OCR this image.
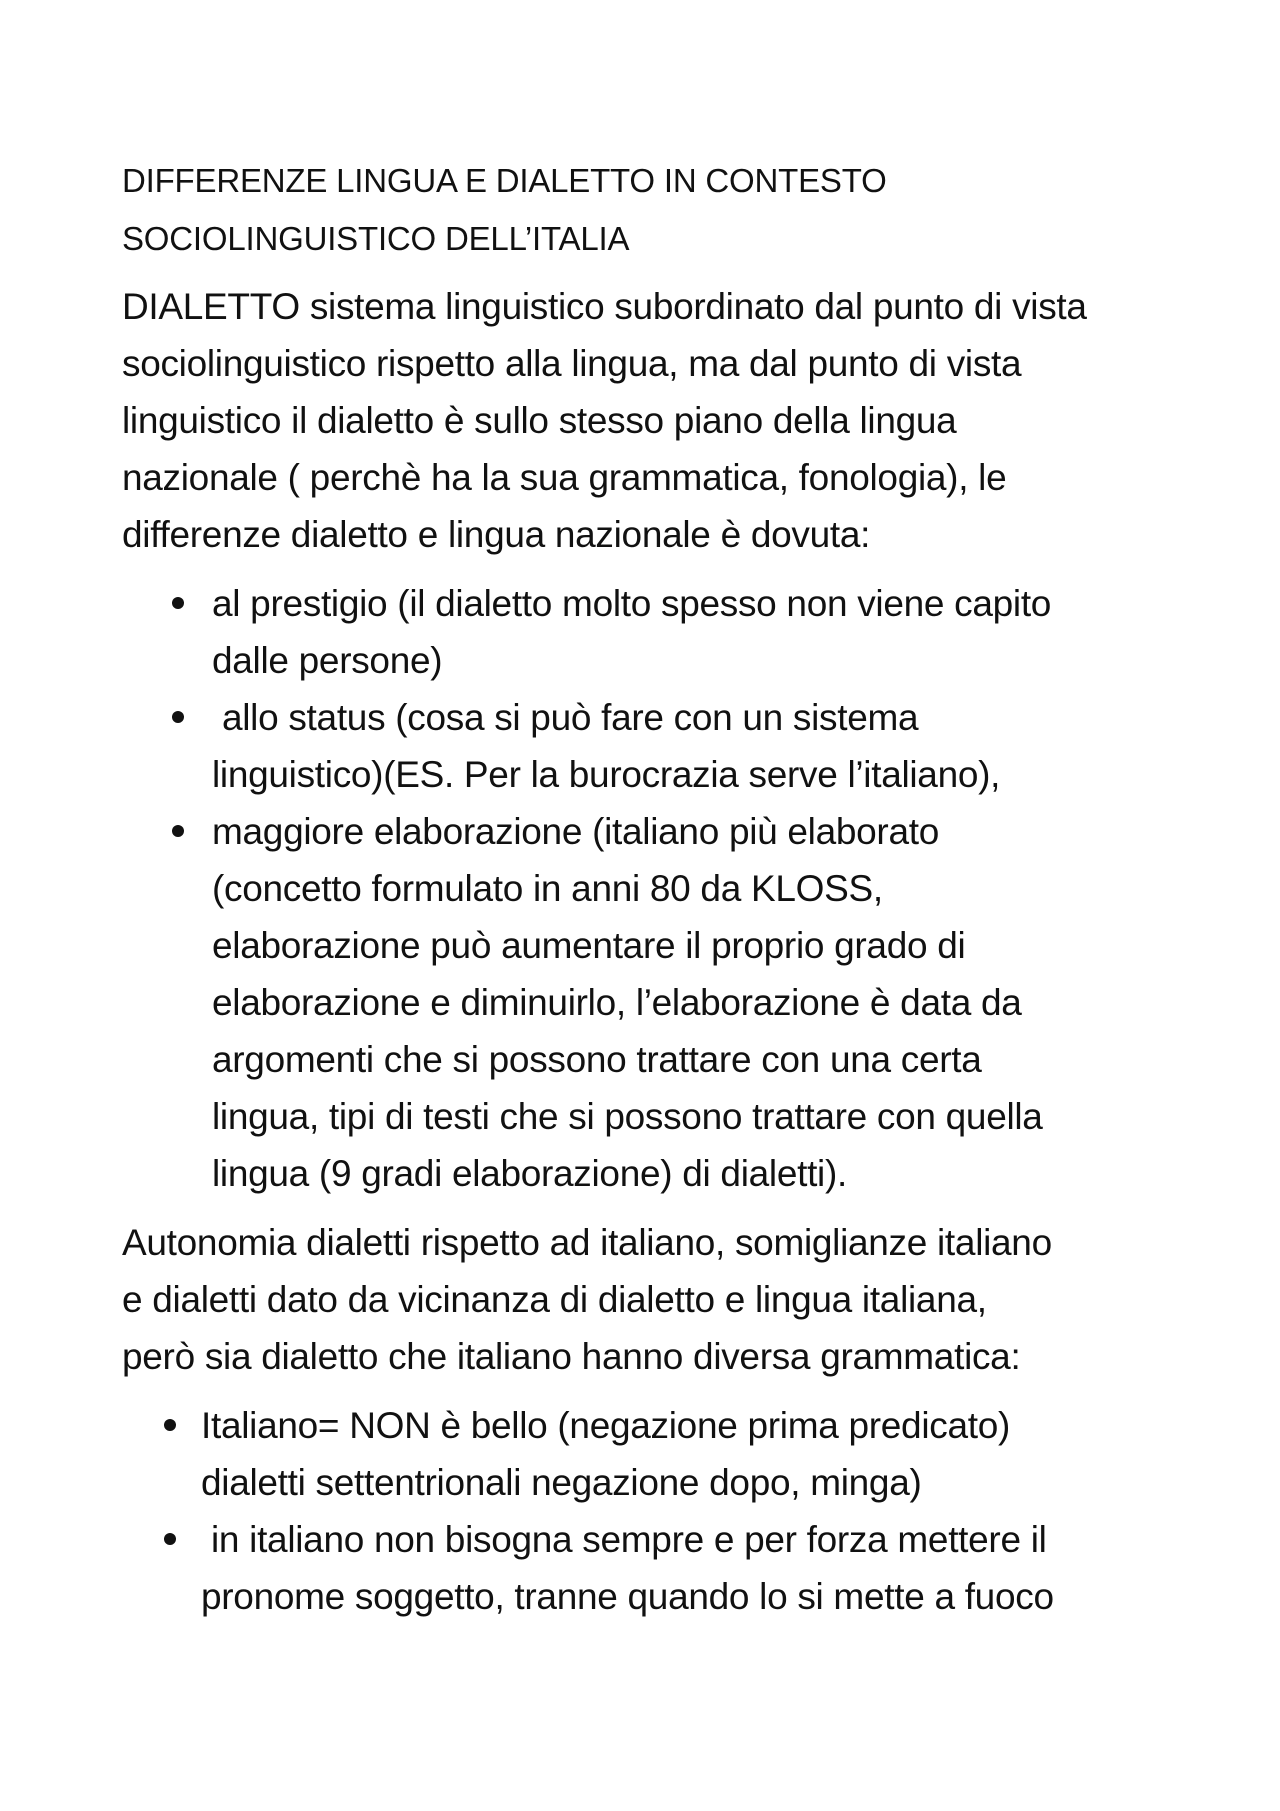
DIFFERENZE LINGUA E DIALETTO IN CONTESTO
SOCIOLINGUISTICO DELL’ITALIA

DIALETTO sistema linguistico subordinato dal punto di vista
sociolinguistico rispetto alla lingua, ma dal punto di vista
linguistico il dialetto è sullo stesso piano della lingua
nazionale ( perchè ha la sua grammatica, fonologia), le
differenze dialetto e lingua nazionale è dovuta:

al prestigio (il dialetto molto spesso non viene capito
dalle persone)
allo status (cosa si può fare con un sistema
linguistico)(ES. Per la burocrazia serve l’italiano),
maggiore elaborazione (italiano più elaborato
(concetto formulato in anni 80 da KLOSS,
elaborazione può aumentare il proprio grado di
elaborazione e diminuirlo, l’elaborazione è data da
argomenti che si possono trattare con una certa
lingua, tipi di testi che si possono trattare con quella
lingua (9 gradi elaborazione) di dialetti).

Autonomia dialetti rispetto ad italiano, somiglianze italiano
e dialetti dato da vicinanza di dialetto e lingua italiana,
però sia dialetto che italiano hanno diversa grammatica:

Italiano= NON è bello (negazione prima predicato)
dialetti settentrionali negazione dopo, minga)
in italiano non bisogna sempre e per forza mettere il
pronome soggetto, tranne quando lo si mette a fuoco
